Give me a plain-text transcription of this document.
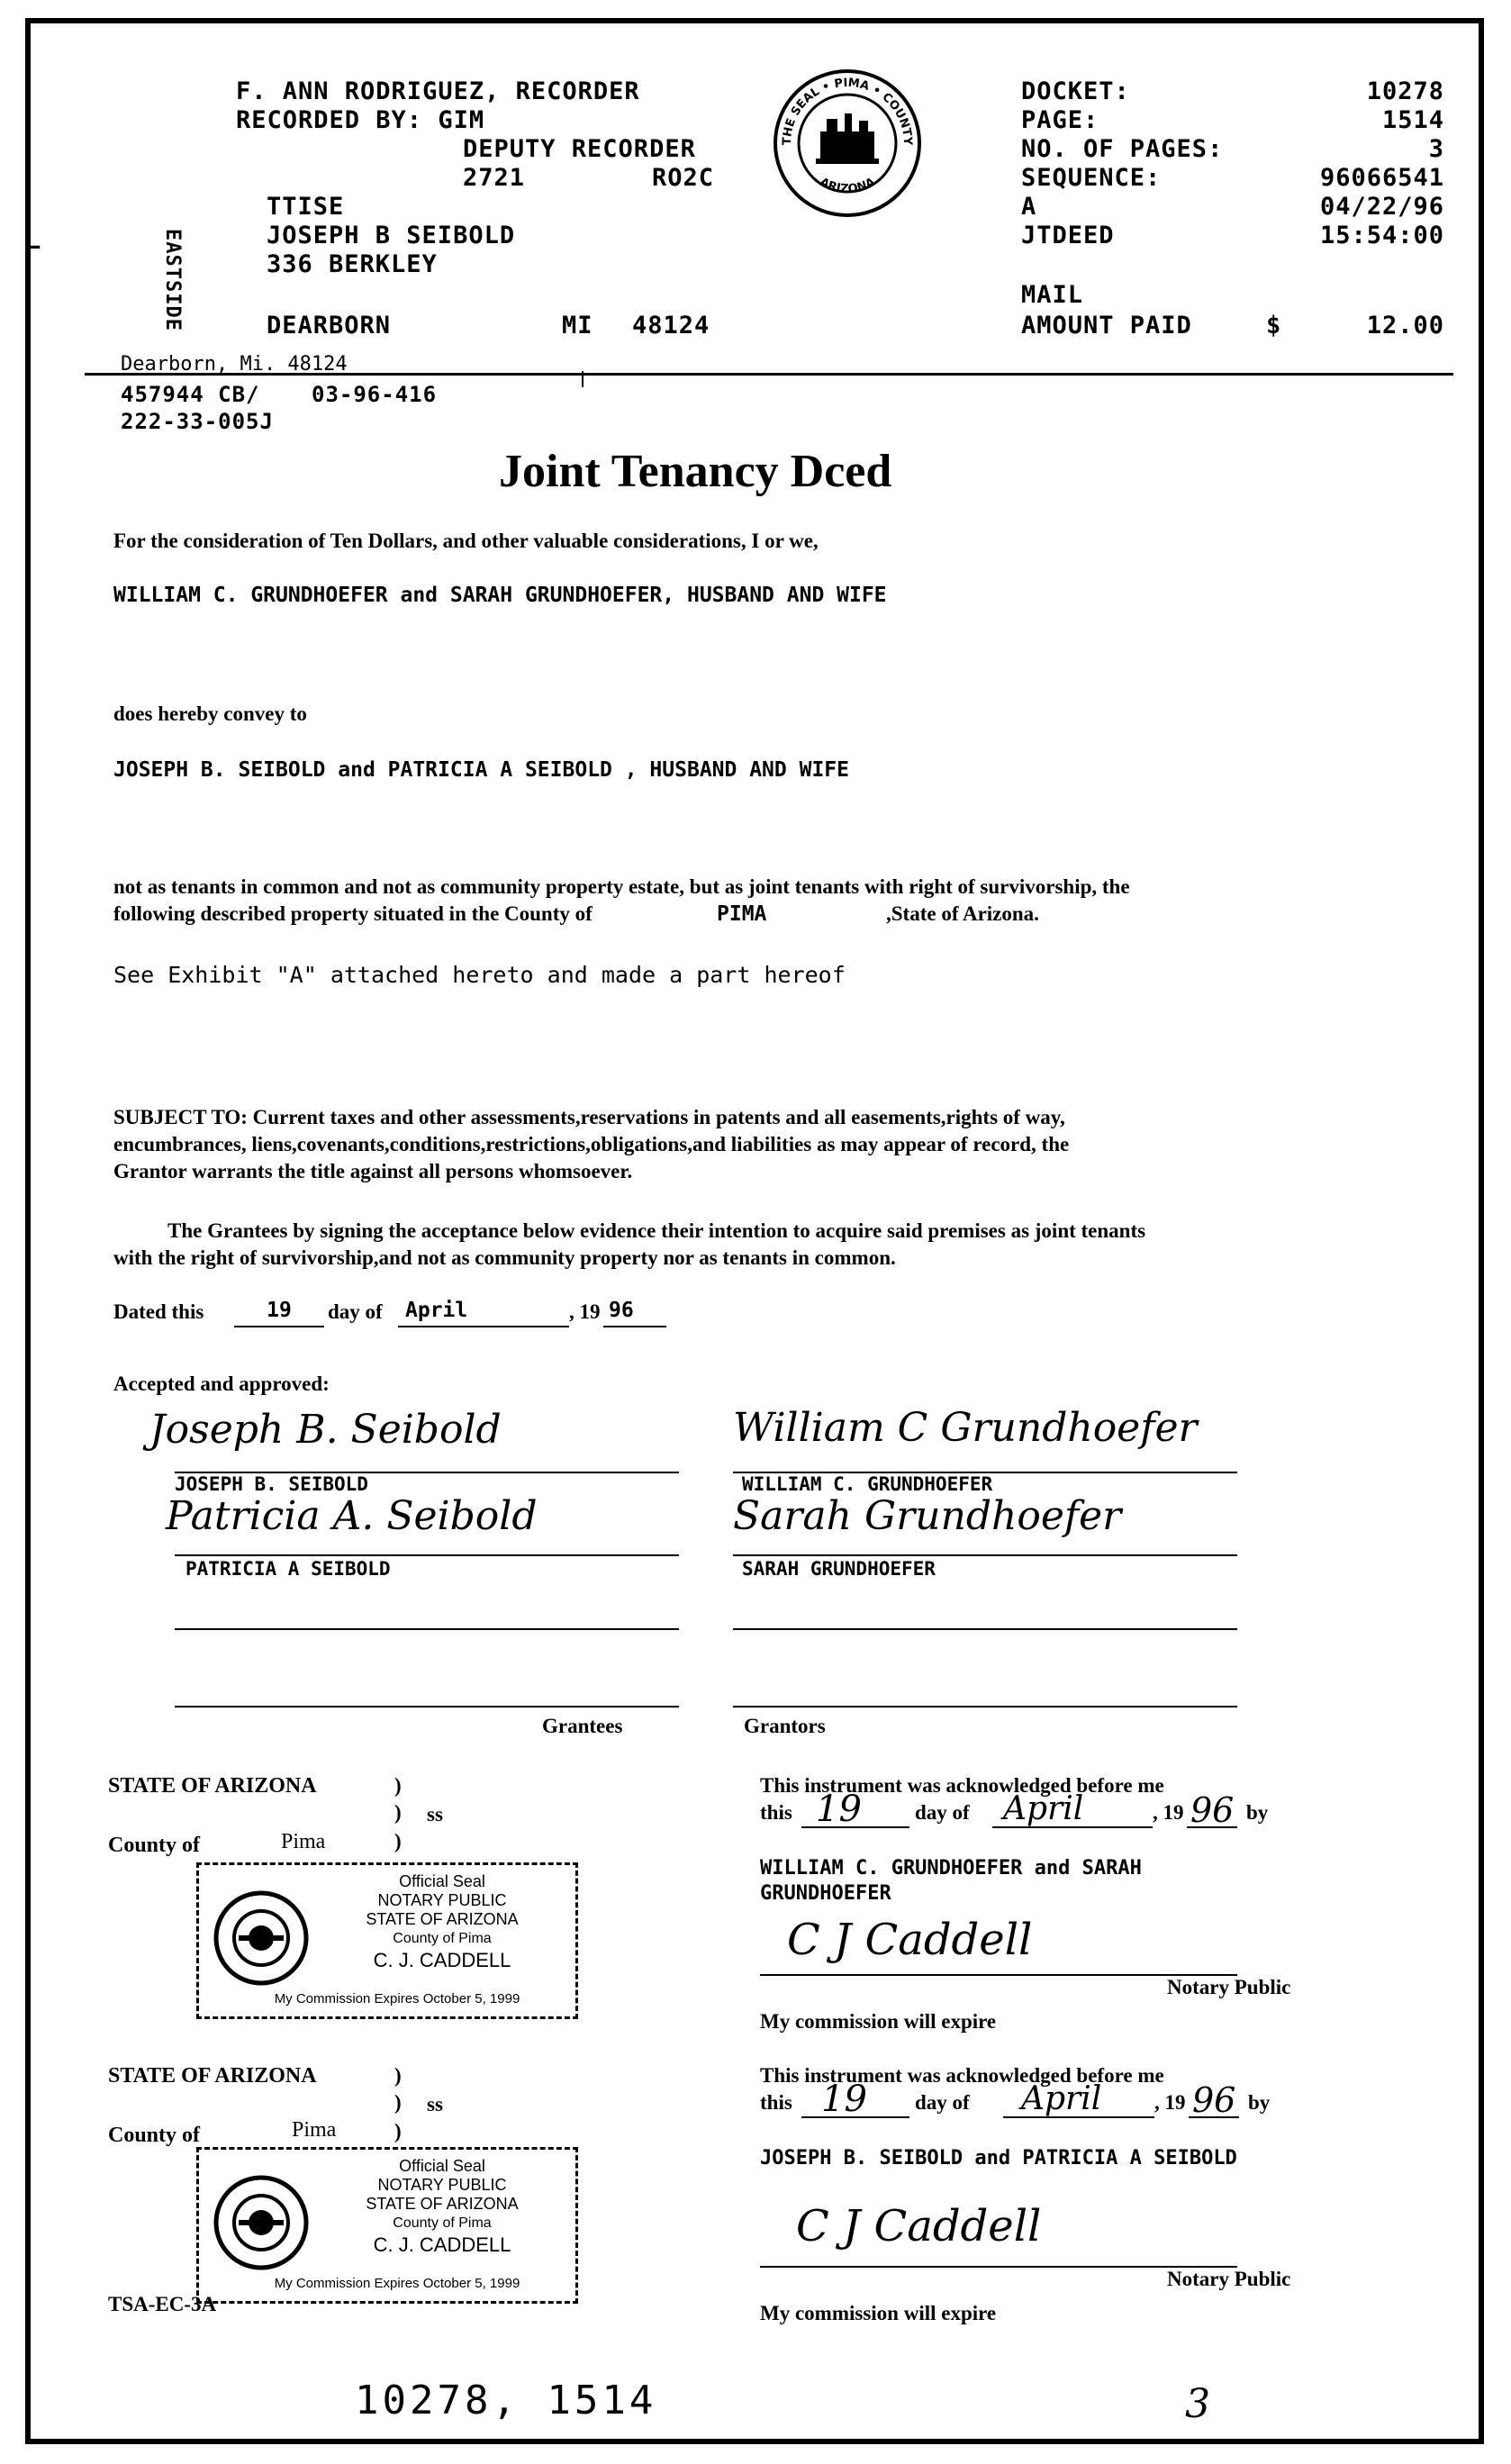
F. ANN RODRIGUEZ, RECORDER
RECORDED BY: GIM
DEPUTY RECORDER
2721	RO2C
EASTSIDE
TTISE
JOSEPH B SEIBOLD
336 BERKLEY
DEARBORN	MI 48124
THE SEAL • PIMA • COUNTY
ARIZONA
DOCKET:	10278
PAGE:	1514
NO. OF PAGES:	3
SEQUENCE:	96066541
A	04/22/96
JTDEED	15:54:00
MAIL
AMOUNT PAID	$	12.00
—
Dearborn, Mi. 48124
457944 CB/ 03-96-416
222-33-005J
Joint Tenancy Dced
For the consideration of Ten Dollars, and other valuable considerations, I or we,
WILLIAM C. GRUNDHOEFER and SARAH GRUNDHOEFER, HUSBAND AND WIFE
does hereby convey to
JOSEPH B. SEIBOLD and PATRICIA A SEIBOLD , HUSBAND AND WIFE
not as tenants in common and not as community property estate, but as joint tenants with right of survivorship, the
following described property situated in the County of	PIMA	,State of Arizona.
See Exhibit "A" attached hereto and made a part hereof
SUBJECT TO: Current taxes and other assessments,reservations in patents and all easements,rights of way,
encumbrances, liens,covenants,conditions,restrictions,obligations,and liabilities as may appear of record, the
Grantor warrants the title against all persons whomsoever.
The Grantees by signing the acceptance below evidence their intention to acquire said premises as joint tenants
with the right of survivorship,and not as community property nor as tenants in common.
Dated this	19	day of April	, 19 96
Accepted and approved:
Joseph B. Seibold
JOSEPH B. SEIBOLD
Patricia A. Seibold
PATRICIA A SEIBOLD
William C Grundhoefer
WILLIAM C. GRUNDHOEFER
Sarah Grundhoefer
SARAH GRUNDHOEFER
Grantees	Grantors
STATE OF ARIZONA	)
) ss
County of	Pima	)
Official Seal
NOTARY PUBLIC
STATE OF ARIZONA
County of Pima
C. J. CADDELL
My Commission Expires October 5, 1999
This instrument was acknowledged before me
this 19	day of April	, 19 96 by
WILLIAM C. GRUNDHOEFER and SARAH
GRUNDHOEFER
C J Caddell
Notary Public
My commission will expire
STATE OF ARIZONA	)
) ss
County of	Pima	)
Official Seal
NOTARY PUBLIC
STATE OF ARIZONA
County of Pima
C. J. CADDELL
My Commission Expires October 5, 1999
This instrument was acknowledged before me
this 19 day of April	, 19 96 by
JOSEPH B. SEIBOLD and PATRICIA A SEIBOLD
C J Caddell
Notary Public
My commission will expire
TSA-EC-3A
10278, 1514	3
